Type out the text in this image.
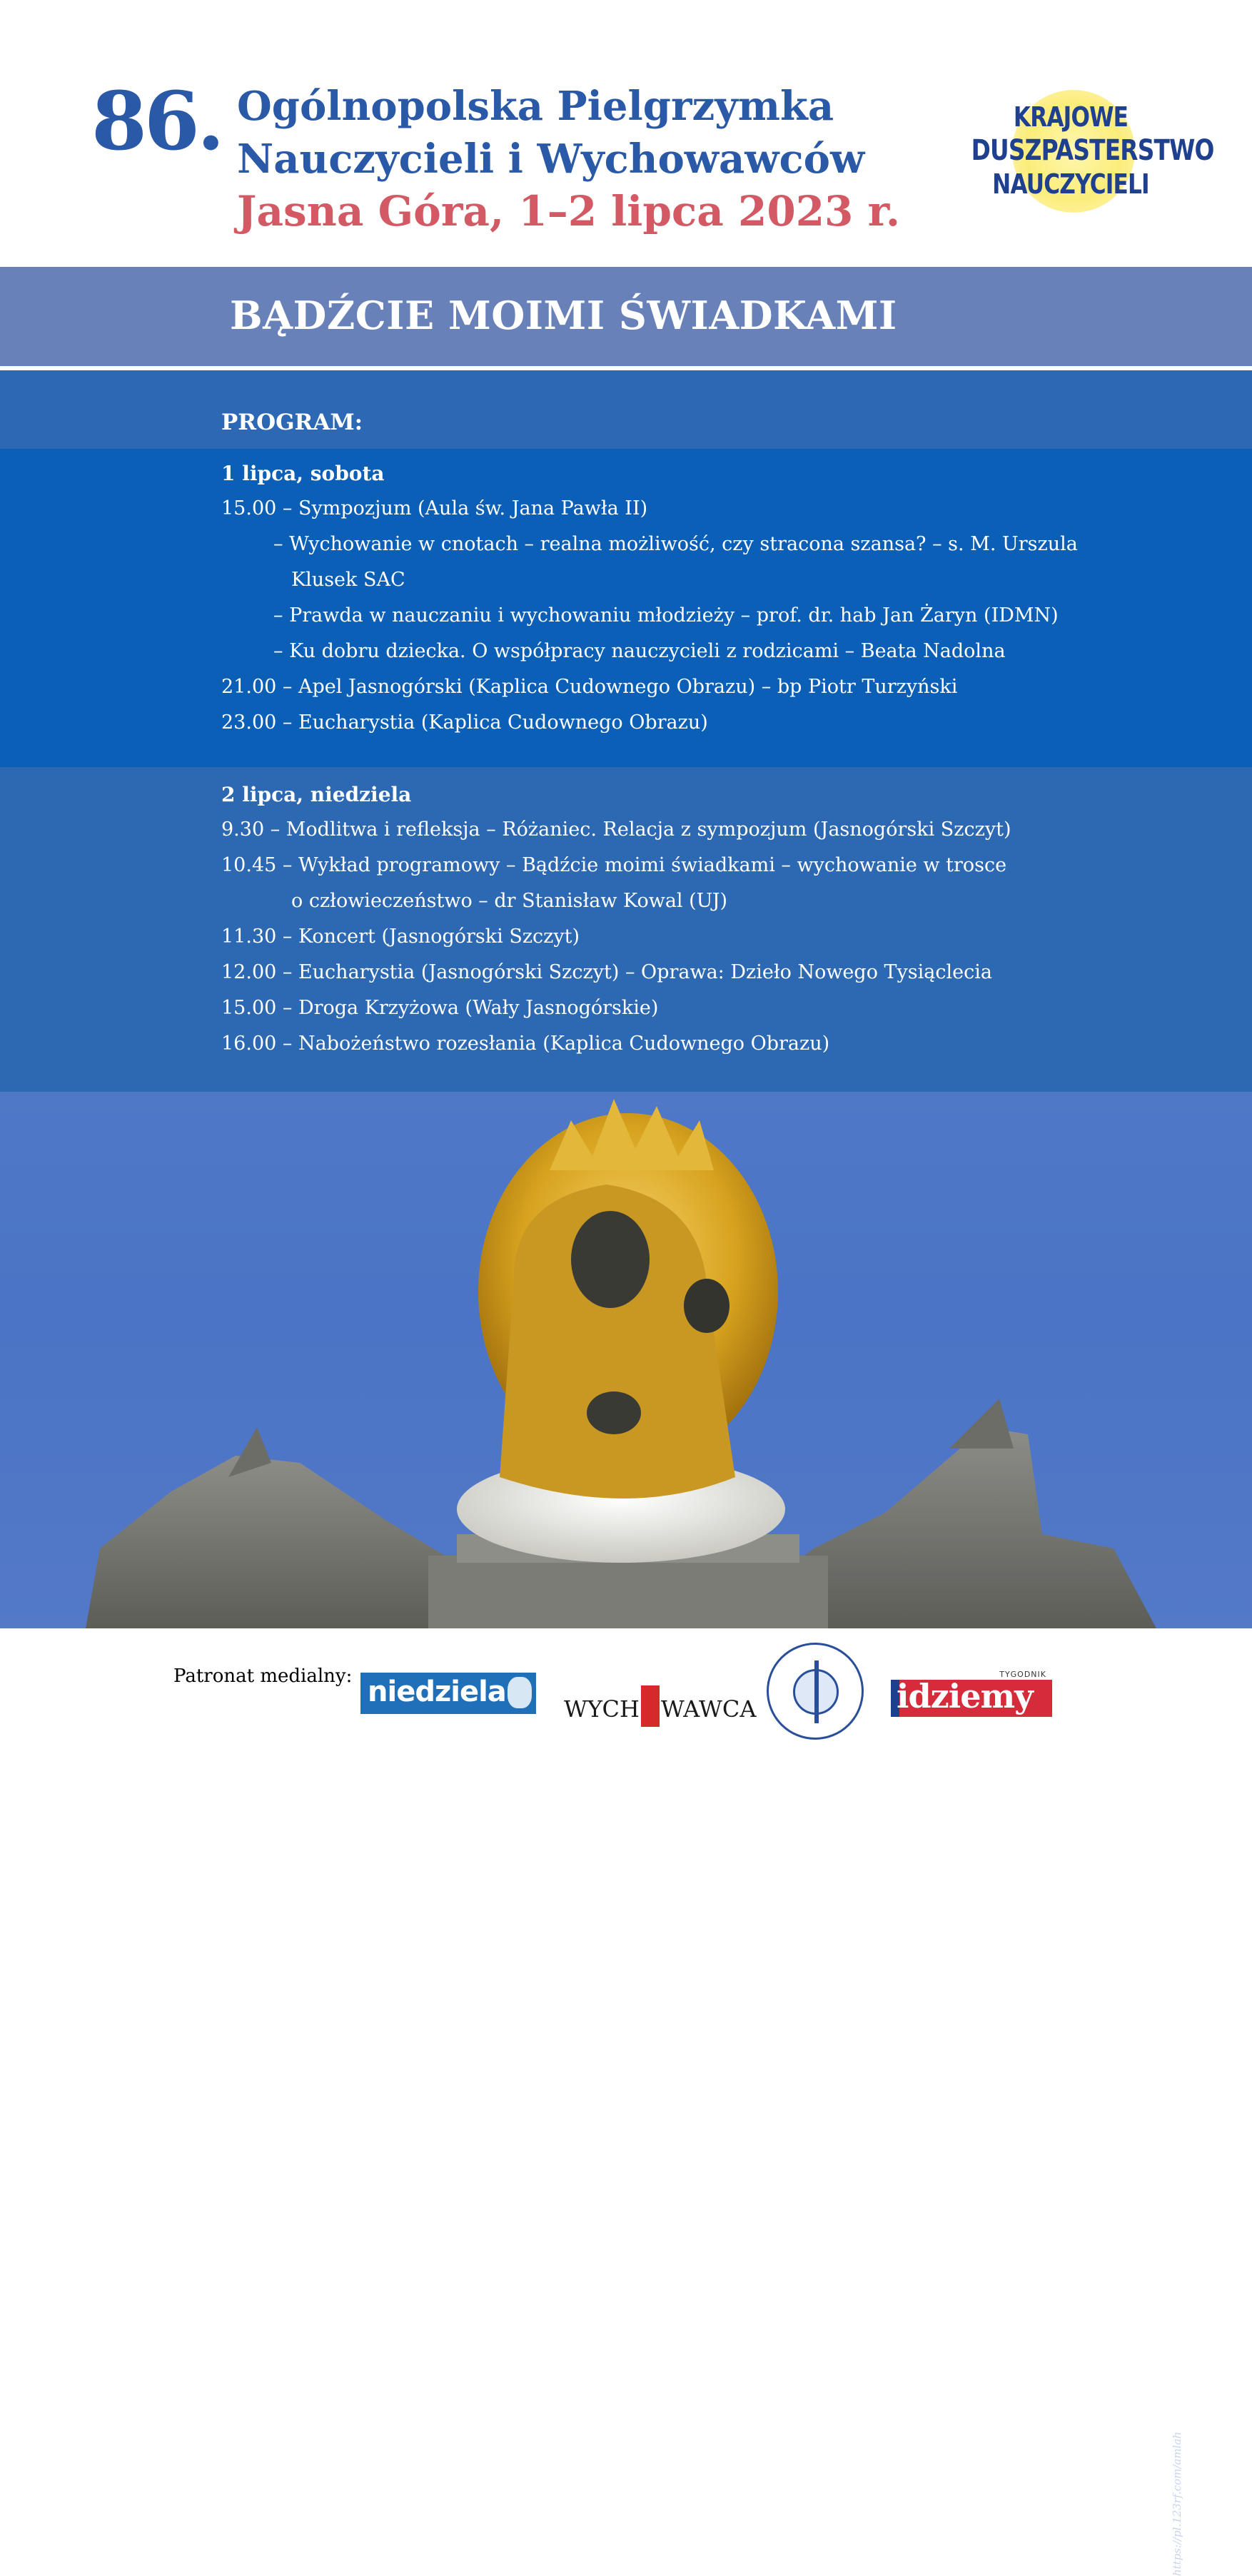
86. Ogólnopolska Pielgrzymka
Nauczycieli i Wychowawców
Jasna Góra, 1–2 lipca 2023 r.
KRAJOWE
DUSZPASTERSTWO
NAUCZYCIELI
BĄDŹCIE MOIMI ŚWIADKAMI
PROGRAM:
1 lipca, sobota
15.00 – Sympozjum (Aula św. Jana Pawła II)
– Wychowanie w cnotach – realna możliwość, czy stracona szansa? – s. M. Urszula
Klusek SAC
– Prawda w nauczaniu i wychowaniu młodzieży – prof. dr. hab Jan Żaryn (IDMN)
– Ku dobru dziecka. O współpracy nauczycieli z rodzicami – Beata Nadolna
21.00 – Apel Jasnogórski (Kaplica Cudownego Obrazu) – bp Piotr Turzyński
23.00 – Eucharystia (Kaplica Cudownego Obrazu)
2 lipca, niedziela
9.30 – Modlitwa i refleksja – Różaniec. Relacja z sympozjum (Jasnogórski Szczyt)
10.45 – Wykład programowy – Bądźcie moimi świadkami – wychowanie w trosce
o człowieczeństwo – dr Stanisław Kowal (UJ)
11.30 – Koncert (Jasnogórski Szczyt)
12.00 – Eucharystia (Jasnogórski Szczyt) – Oprawa: Dzieło Nowego Tysiąclecia
15.00 – Droga Krzyżowa (Wały Jasnogórskie)
16.00 – Nabożeństwo rozesłania (Kaplica Cudownego Obrazu)
https://pl.123rf.com/amlah
Patronat medialny: niedziela
WYCH WAWCA
TYGODNIK
idziemy
